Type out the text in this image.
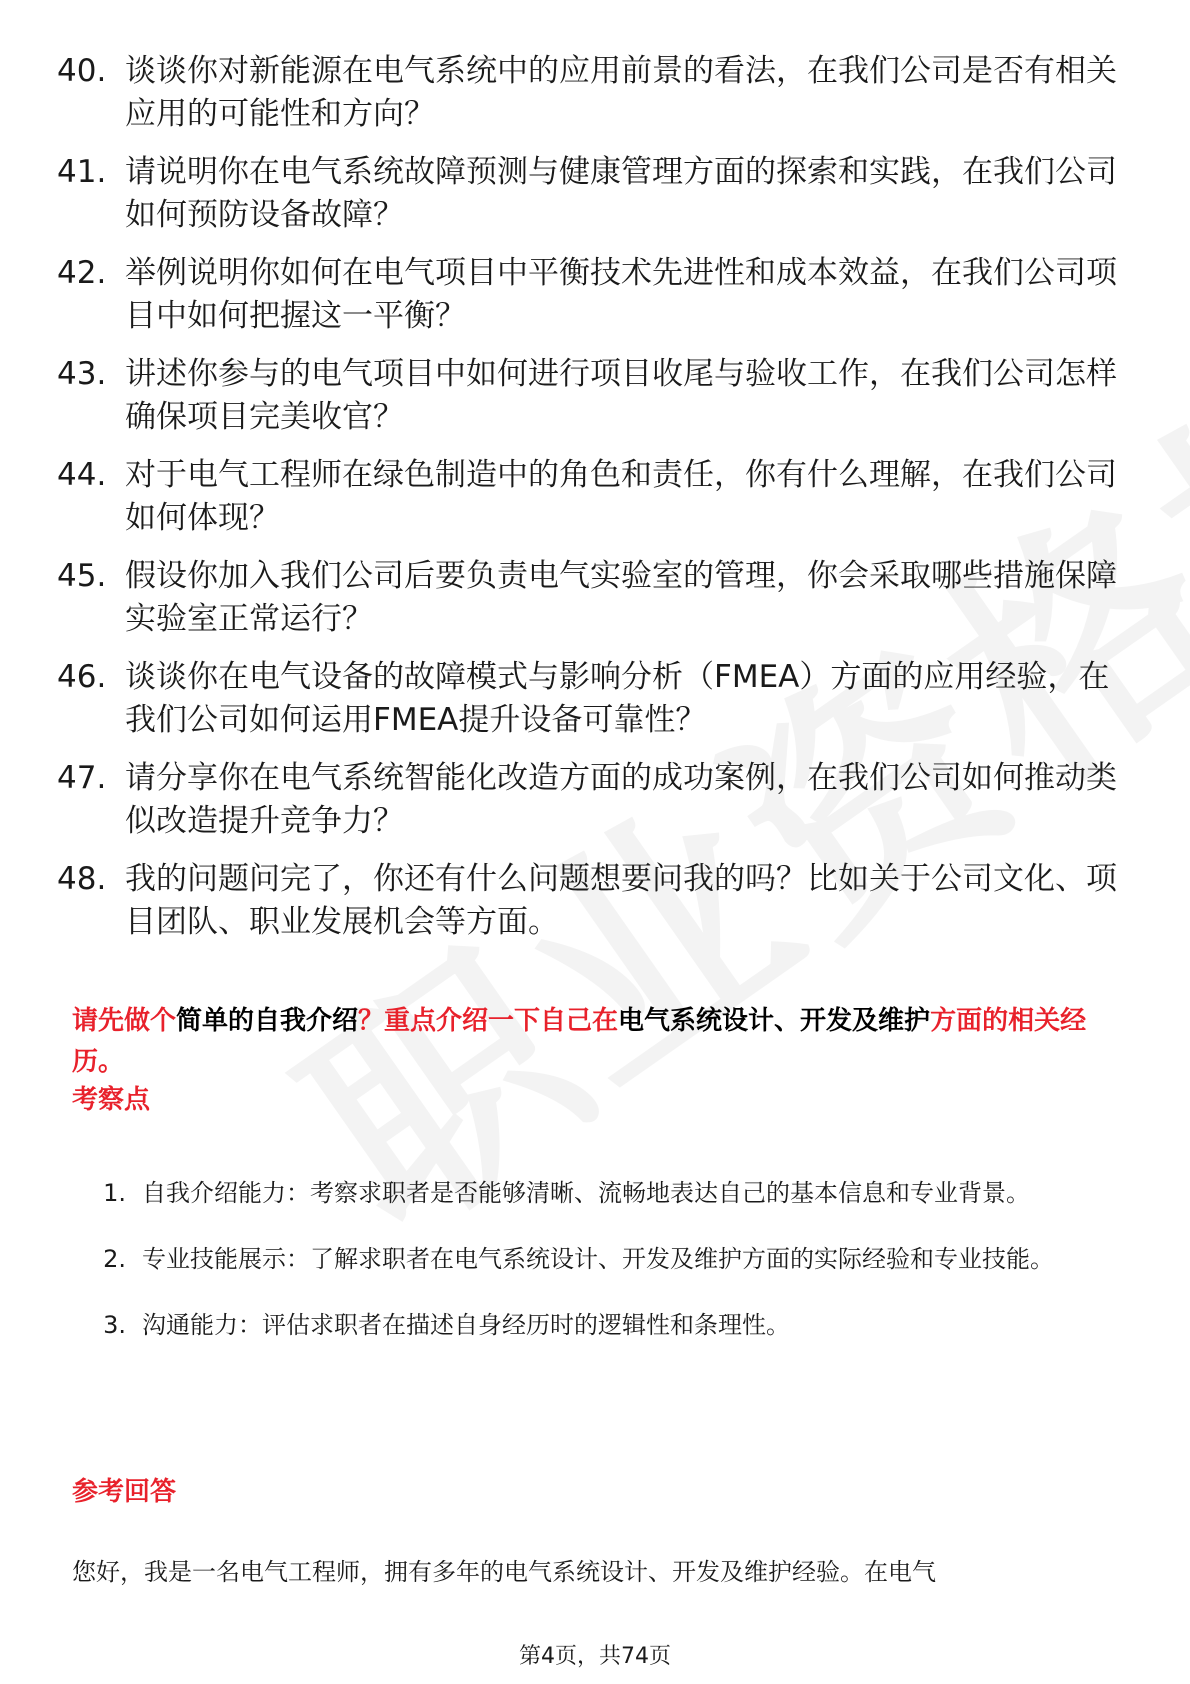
40. 谈谈你对新能源在电气系统中的应用前景的看法，在我们公司是否有相关应用的可能性和方向？
41. 请说明你在电气系统故障预测与健康管理方面的探索和实践，在我们公司如何预防设备故障？
42. 举例说明你如何在电气项目中平衡技术先进性和成本效益，在我们公司项目中如何把握这一平衡？
43. 讲述你参与的电气项目中如何进行项目收尾与验收工作，在我们公司怎样确保项目完美收官？
44. 对于电气工程师在绿色制造中的角色和责任，你有什么理解，在我们公司如何体现？
45. 假设你加入我们公司后要负责电气实验室的管理，你会采取哪些措施保障实验室正常运行？
46. 谈谈你在电气设备的故障模式与影响分析（FMEA）方面的应用经验，在我们公司如何运用FMEA提升设备可靠性？
47. 请分享你在电气系统智能化改造方面的成功案例，在我们公司如何推动类似改造提升竞争力？
48. 我的问题问完了，你还有什么问题想要问我的吗？比如关于公司文化、项目团队、职业发展机会等方面。
请先做个简单的自我介绍？重点介绍一下自己在电气系统设计、开发及维护方面的相关经历。
考察点
1. 自我介绍能力：考察求职者是否能够清晰、流畅地表达自己的基本信息和专业背景。
2. 专业技能展示：了解求职者在电气系统设计、开发及维护方面的实际经验和专业技能。
3. 沟通能力：评估求职者在描述自身经历时的逻辑性和条理性。
参考回答
您好，我是一名电气工程师，拥有多年的电气系统设计、开发及维护经验。在电气
第4页，共74页
